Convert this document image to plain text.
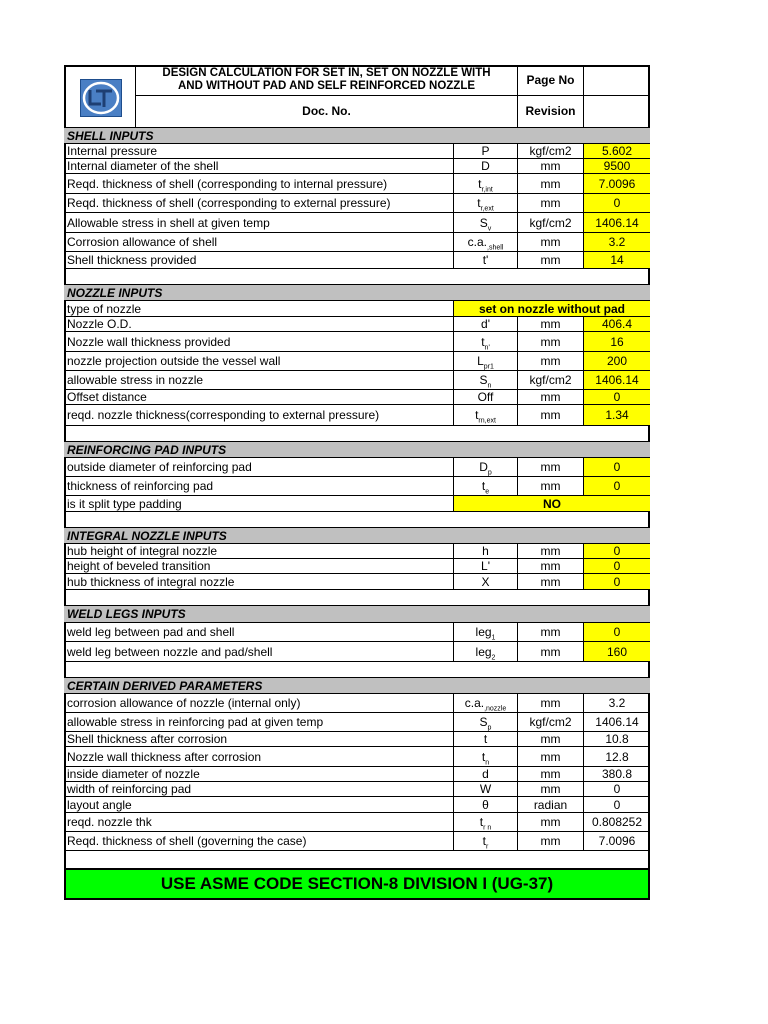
DESIGN CALCULATION FOR SET IN, SET ON NOZZLE WITH
AND WITHOUT PAD AND SELF REINFORCED NOZZLE
Doc. No.
Page No
Revision
SHELL INPUTS
Internal pressure	P	kgf/cm2	5.602
Internal diameter of the shell	D	mm	9500
Reqd. thickness of shell (corresponding to internal pressure)	$t_{r,int}$	mm	7.0096
Reqd. thickness of shell (corresponding to external pressure)	$t_{r,ext}$	mm	0
Allowable stress in shell at given temp	$S_v$	kgf/cm2	1406.14
Corrosion allowance of shell	$c.a._{,shell}$	mm	3.2
Shell thickness provided	t'	mm	14
NOZZLE INPUTS
type of nozzle	set on nozzle without pad
Nozzle O.D.	d'	mm	406.4
Nozzle wall thickness provided	$t_{n'}$	mm	16
nozzle projection outside the vessel wall	$L_{pr1}$	mm	200
allowable stress in nozzle	$S_n$	kgf/cm2	1406.14
Offset distance	Off	mm	0
reqd. nozzle thickness(corresponding to external pressure)	$t_{rn,ext}$	mm	1.34
REINFORCING PAD INPUTS
outside diameter of reinforcing pad	$D_p$	mm	0
thickness of reinforcing pad	$t_e$	mm	0
is it split type padding	NO
INTEGRAL NOZZLE INPUTS
hub height of integral nozzle	h	mm	0
height of beveled transition	L'	mm	0
hub thickness of integral nozzle	X	mm	0
WELD LEGS INPUTS
weld leg between pad and shell	leg$_1$	mm	0
weld leg between nozzle and pad/shell	leg$_2$	mm	160
CERTAIN DERIVED PARAMETERS
corrosion allowance of nozzle (internal only)	$c.a._{,nozzle}$	mm	3.2
allowable stress in reinforcing pad at given temp	$S_p$	kgf/cm2	1406.14
Shell thickness after corrosion	t	mm	10.8
Nozzle wall thickness after corrosion	$t_n$	mm	12.8
inside diameter of nozzle	d	mm	380.8
width of reinforcing pad	W	mm	0
layout angle	θ	radian	0
reqd. nozzle thk	$t_{r n}$	mm	0.808252
Reqd. thickness of shell (governing the case)	$t_r$	mm	7.0096
USE ASME CODE SECTION-8 DIVISION I (UG-37)
